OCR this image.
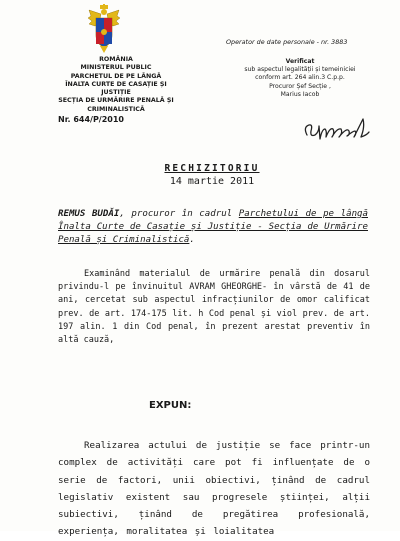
ROMÂNIA
MINISTERUL PUBLIC
PARCHETUL DE PE LÂNGĂ
ÎNALTA CURTE DE CASAȚIE ȘI JUSTIȚIE
SECȚIA DE URMĂRIRE PENALĂ ȘI CRIMINALISTICĂ
Nr. 644/P/2010
Operator de date personale - nr. 3883
Verificat
sub aspectul legalității și temeiniciei
conform art. 264 alin.3 C.p.p.
Procuror Șef Secție ,
Marius Iacob
RECHIZITORIU
14 martie 2011
REMUS BUDĂI, procuror în cadrul Parchetului de pe lângă Înalta Curte de Casație și Justiție - Secția de Urmărire Penală și Criminalistică.
Examinând materialul de urmărire penală din dosarul privindu-l pe învinuitul AVRAM GHEORGHE- în vârstă de 41 de ani, cercetat sub aspectul infracțiunilor de omor calificat prev. de art. 174-175 lit. h Cod penal și viol prev. de art. 197 alin. 1 din Cod penal, în prezent arestat preventiv în altă cauză,
EXPUN:
Realizarea actului de justiție se face printr-un complex de activități care pot fi influențate de o serie de factori, unii obiectivi, ținând de cadrul legislativ existent sau progresele științei, alții subiectivi, ținând de pregătirea profesională, experiența, moralitatea și loialitatea
